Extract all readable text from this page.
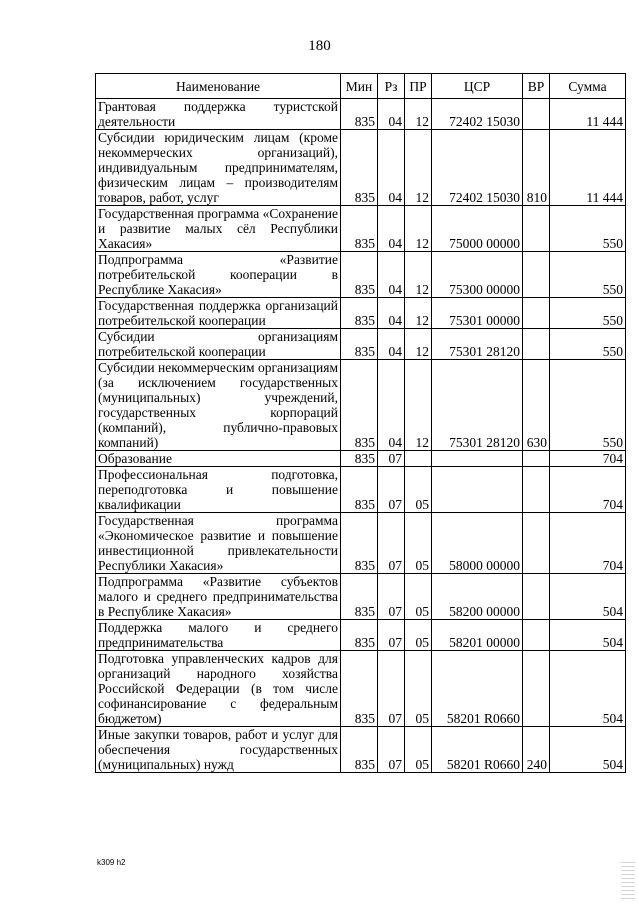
180
Наименование	Мин	Рз	ПР	ЦСР	ВР	Сумма
Грантовая поддержка туристской деятельности	835	04	12	72402 15030		11 444
Субсидии юридическим лицам (кроме некоммерческих организаций), индивидуальным предпринимателям, физическим лицам – производителям товаров, работ, услуг	835	04	12	72402 15030	810	11 444
Государственная программа «Сохранение и развитие малых сёл Республики Хакасия»	835	04	12	75000 00000		550
Подпрограмма «Развитие потребительской кооперации в Республике Хакасия»	835	04	12	75300 00000		550
Государственная поддержка организаций потребительской кооперации	835	04	12	75301 00000		550
Субсидии организациям потребительской кооперации	835	04	12	75301 28120		550
Субсидии некоммерческим организациям (за исключением государственных (муниципальных) учреждений, государственных корпораций (компаний), публично-правовых компаний)	835	04	12	75301 28120	630	550
Образование	835	07				704
Профессиональная подготовка, переподготовка и повышение квалификации	835	07	05			704
Государственная программа «Экономическое развитие и повышение инвестиционной привлекательности Республики Хакасия»	835	07	05	58000 00000		704
Подпрограмма «Развитие субъектов малого и среднего предпринимательства в Республике Хакасия»	835	07	05	58200 00000		504
Поддержка малого и среднего предпринимательства	835	07	05	58201 00000		504
Подготовка управленческих кадров для организаций народного хозяйства Российской Федерации (в том числе софинансирование с федеральным бюджетом)	835	07	05	58201 R0660		504
Иные закупки товаров, работ и услуг для обеспечения государственных (муниципальных) нужд	835	07	05	58201 R0660	240	504
k309 h2
